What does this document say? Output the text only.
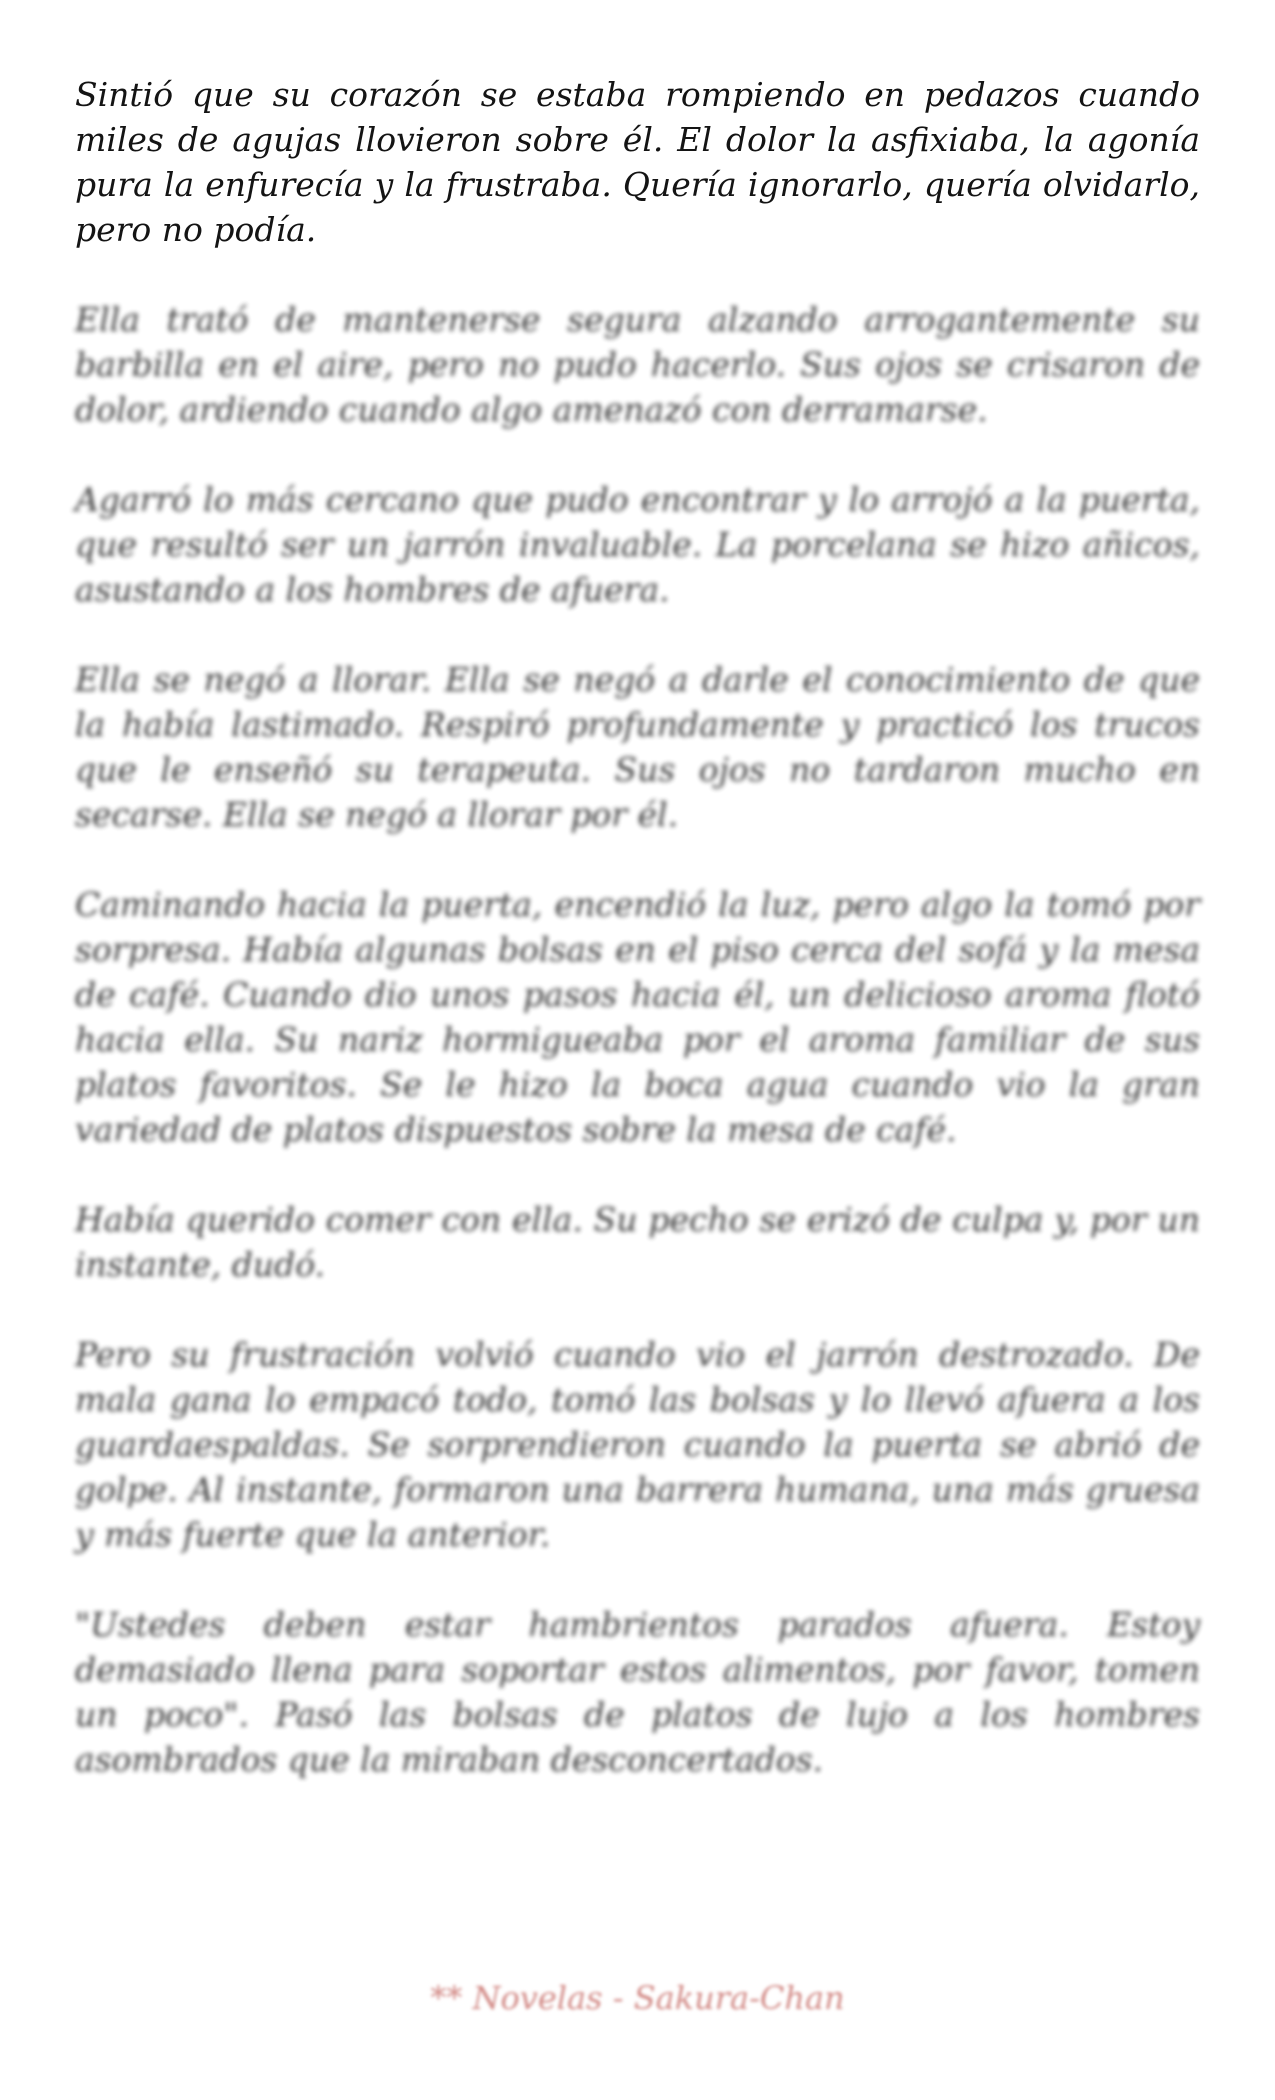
Sintió que su corazón se estaba rompiendo en pedazos cuando miles de agujas llovieron sobre él. El dolor la asfixiaba, la agonía pura la enfurecía y la frustraba. Quería ignorarlo, quería olvidarlo, pero no podía.

Ella trató de mantenerse segura alzando arrogantemente su barbilla en el aire, pero no pudo hacerlo. Sus ojos se crisaron de dolor, ardiendo cuando algo amenazó con derramarse.

Agarró lo más cercano que pudo encontrar y lo arrojó a la puerta, que resultó ser un jarrón invaluable. La porcelana se hizo añicos, asustando a los hombres de afuera.

Ella se negó a llorar. Ella se negó a darle el conocimiento de que la había lastimado. Respiró profundamente y practicó los trucos que le enseñó su terapeuta. Sus ojos no tardaron mucho en secarse. Ella se negó a llorar por él.

Caminando hacia la puerta, encendió la luz, pero algo la tomó por sorpresa. Había algunas bolsas en el piso cerca del sofá y la mesa de café. Cuando dio unos pasos hacia él, un delicioso aroma flotó hacia ella. Su nariz hormigueaba por el aroma familiar de sus platos favoritos. Se le hizo la boca agua cuando vio la gran variedad de platos dispuestos sobre la mesa de café.

Había querido comer con ella. Su pecho se erizó de culpa y, por un instante, dudó.

Pero su frustración volvió cuando vio el jarrón destrozado. De mala gana lo empacó todo, tomó las bolsas y lo llevó afuera a los guardaespaldas. Se sorprendieron cuando la puerta se abrió de golpe. Al instante, formaron una barrera humana, una más gruesa y más fuerte que la anterior.

"Ustedes deben estar hambrientos parados afuera. Estoy demasiado llena para soportar estos alimentos, por favor, tomen un poco". Pasó las bolsas de platos de lujo a los hombres asombrados que la miraban desconcertados.

** Novelas - Sakura-Chan
